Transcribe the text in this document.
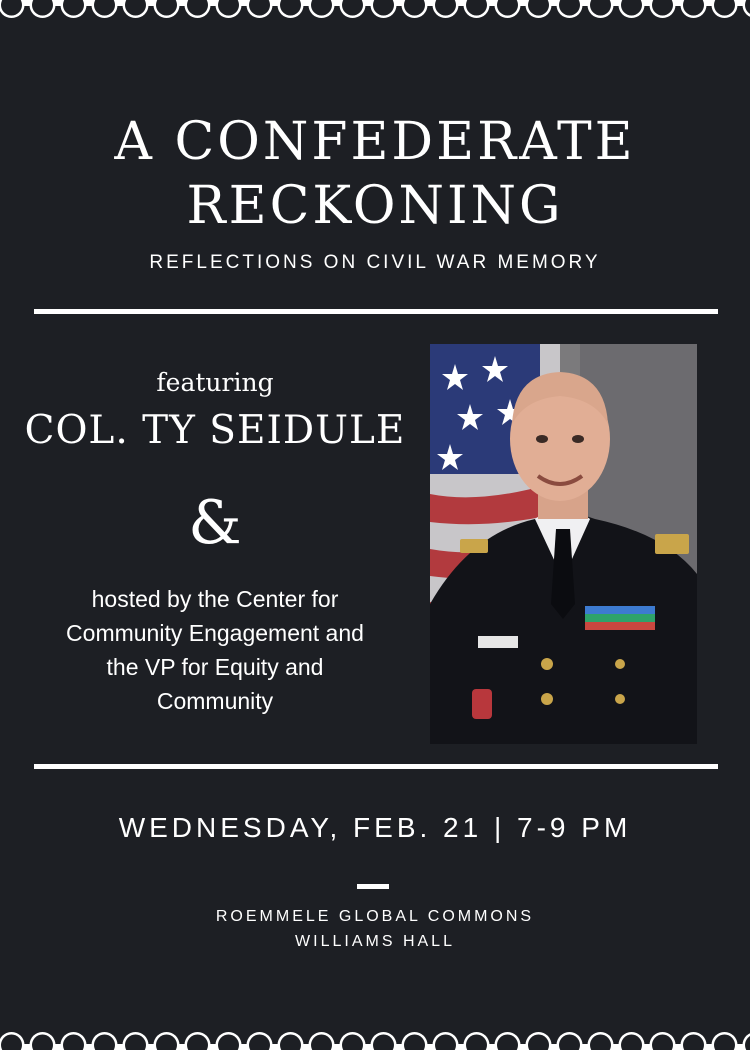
A CONFEDERATE
RECKONING

REFLECTIONS ON CIVIL WAR MEMORY

featuring
COL. TY SEIDULE
&
hosted by the Center for
Community Engagement and
the VP for Equity and
Community
WEDNESDAY, FEB. 21 | 7-9 PM
ROEMMELE GLOBAL COMMONS
WILLIAMS HALL
